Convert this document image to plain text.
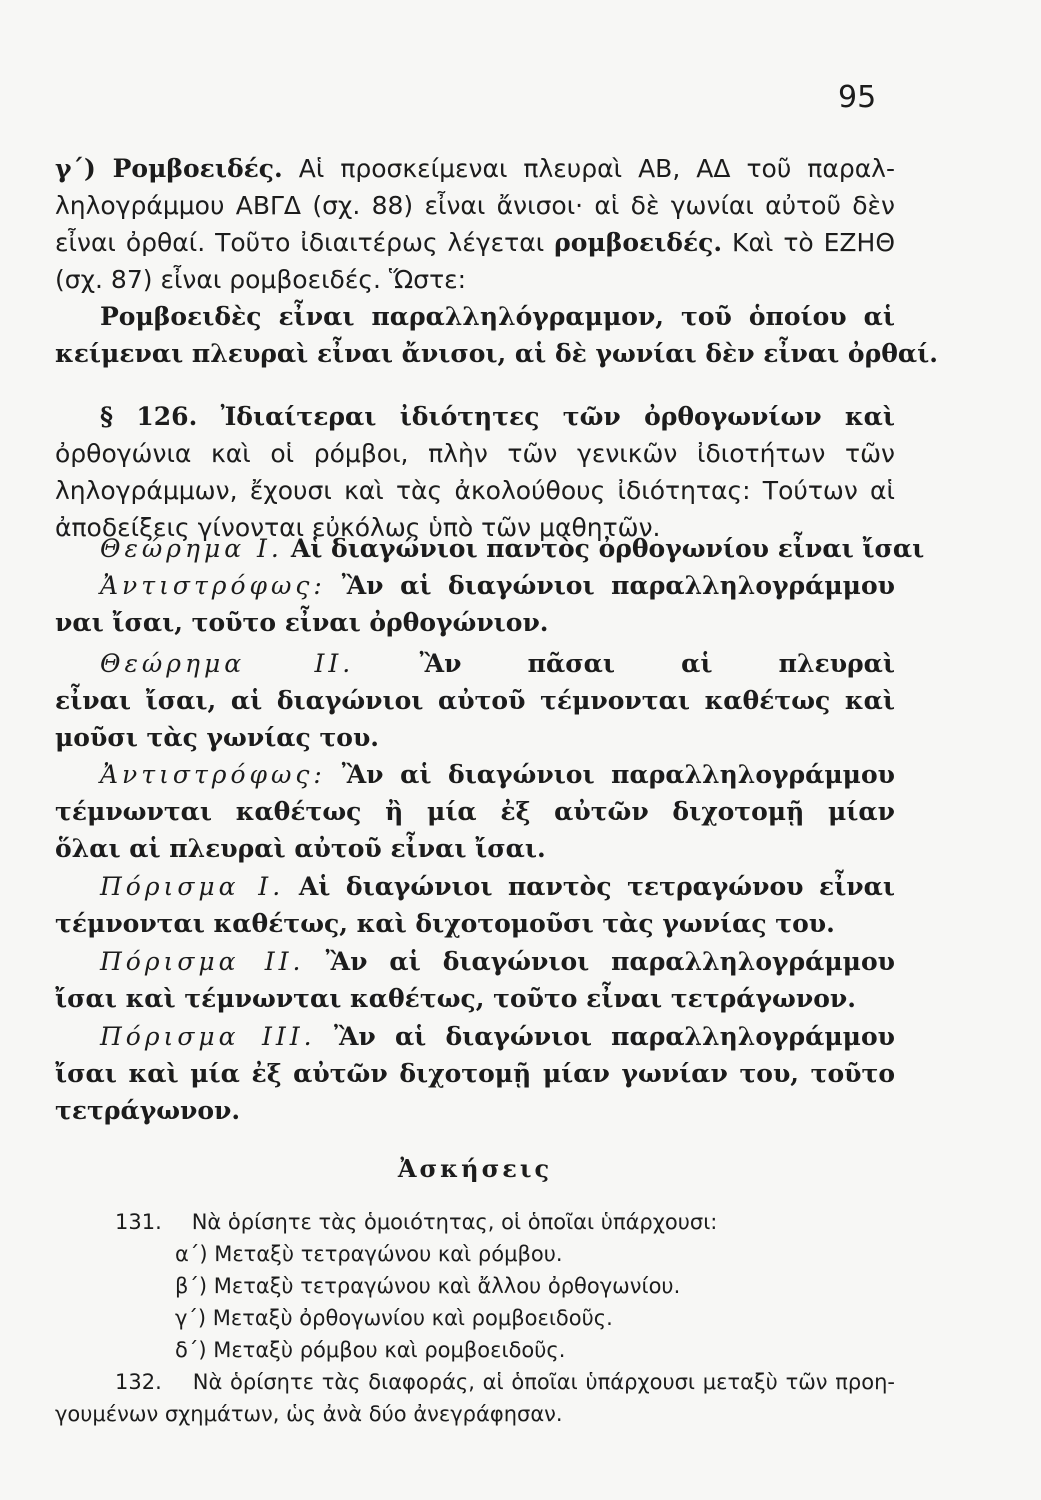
95
γ΄) Ρομβοειδές. Αἱ προσκείμεναι πλευραὶ ΑΒ, ΑΔ τοῦ παραλ-
ληλογράμμου ΑΒΓΔ (σχ. 88) εἶναι ἄνισοι· αἱ δὲ γωνίαι αὐτοῦ δὲν
εἶναι ὀρθαί. Τοῦτο ἰδιαιτέρως λέγεται ρομβοειδές. Καὶ τὸ ΕΖΗΘ
(σχ. 87) εἶναι ρομβοειδές. Ὥστε:
Ρομβοειδὲς εἶναι παραλληλόγραμμον, τοῦ ὁποίου αἱ
κείμεναι πλευραὶ εἶναι ἄνισοι, αἱ δὲ γωνίαι δὲν εἶναι ὀρθαί.
§ 126. Ἰδιαίτεραι ἰδιότητες τῶν ὀρθογωνίων καὶ
ὀρθογώνια καὶ οἱ ρόμβοι, πλὴν τῶν γενικῶν ἰδιοτήτων τῶν
ληλογράμμων, ἔχουσι καὶ τὰς ἀκολούθους ἰδιότητας: Τούτων αἱ
ἀποδείξεις γίνονται εὐκόλως ὑπὸ τῶν μαθητῶν.
Θεώρημα Ι. Αἱ διαγώνιοι παντὸς ὀρθογωνίου εἶναι ἴσαι
Ἀντιστρόφως: Ἂν αἱ διαγώνιοι παραλληλογράμμου
ναι ἴσαι, τοῦτο εἶναι ὀρθογώνιον.
Θεώρημα ΙΙ.	Ἂν πᾶσαι αἱ πλευραὶ
εἶναι ἴσαι, αἱ διαγώνιοι αὐτοῦ τέμνονται καθέτως καὶ
μοῦσι τὰς γωνίας του.
Ἀντιστρόφως: Ἂν αἱ διαγώνιοι παραλληλογράμμου
τέμνωνται καθέτως ἢ μία ἐξ αὐτῶν διχοτομῇ μίαν
ὅλαι αἱ πλευραὶ αὐτοῦ εἶναι ἴσαι.
Πόρισμα Ι. Αἱ διαγώνιοι παντὸς τετραγώνου εἶναι
τέμνονται καθέτως, καὶ διχοτομοῦσι τὰς γωνίας του.
Πόρισμα ΙΙ. Ἂν αἱ διαγώνιοι παραλληλογράμμου
ἴσαι καὶ τέμνωνται καθέτως, τοῦτο εἶναι τετράγωνον.
Πόρισμα ΙΙΙ. Ἂν αἱ διαγώνιοι παραλληλογράμμου
ἴσαι καὶ μία ἐξ αὐτῶν διχοτομῇ μίαν γωνίαν του, τοῦτο
τετράγωνον.
Ἀσκήσεις
131. Νὰ ὁρίσητε τὰς ὁμοιότητας, οἱ ὁποῖαι ὑπάρχουσι:
α΄) Μεταξὺ τετραγώνου καὶ ρόμβου.
β΄) Μεταξὺ τετραγώνου καὶ ἄλλου ὀρθογωνίου.
γ΄) Μεταξὺ ὀρθογωνίου καὶ ρομβοειδοῦς.
δ΄) Μεταξὺ ρόμβου καὶ ρομβοειδοῦς.
132. Νὰ ὁρίσητε τὰς διαφοράς, αἱ ὁποῖαι ὑπάρχουσι μεταξὺ τῶν προη-
γουμένων σχημάτων, ὡς ἀνὰ δύο ἀνεγράφησαν.
